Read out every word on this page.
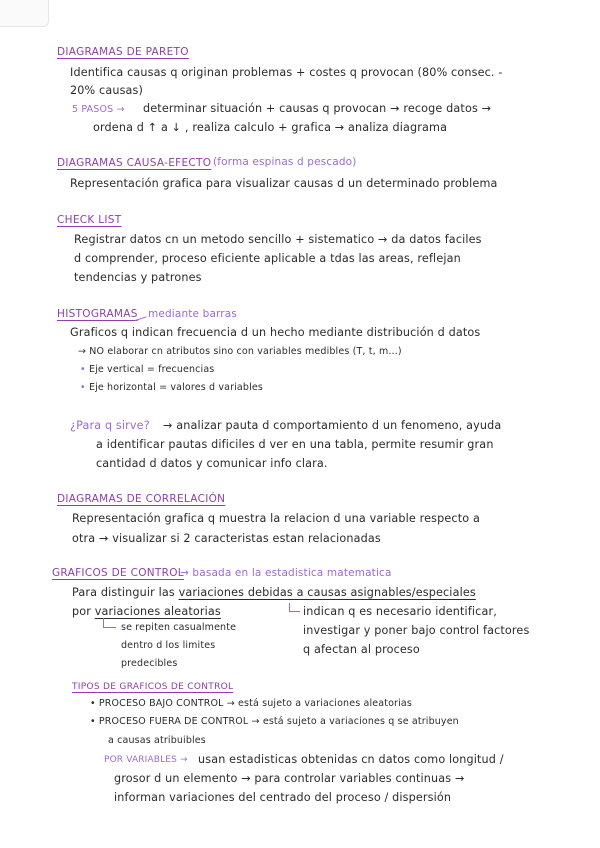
DIAGRAMAS DE PARETO
Identifica causas q originan problemas + costes q provocan (80% consec. -
20% causas)
5 PASOS → determinar situación + causas q provocan → recoge datos →
ordena d ↑ a ↓ , realiza calculo + grafica → analiza diagrama
DIAGRAMAS CAUSA-EFECTO (forma espinas d pescado)
Representación grafica para visualizar causas d un determinado problema
CHECK LIST
Registrar datos cn un metodo sencillo + sistematico → da datos faciles
d comprender, proceso eficiente aplicable a tdas las areas, reflejan
tendencias y patrones
HISTOGRAMAS mediante barras
Graficos q indican frecuencia d un hecho mediante distribución d datos
→ NO elaborar cn atributos sino con variables medibles (T, t, m...)
• Eje vertical = frecuencias
• Eje horizontal = valores d variables
¿Para q sirve? → analizar pauta d comportamiento d un fenomeno, ayuda
a identificar pautas dificiles d ver en una tabla, permite resumir gran
cantidad d datos y comunicar info clara.
DIAGRAMAS DE CORRELACIÓN
Representación grafica q muestra la relacion d una variable respecto a
otra → visualizar si 2 caracteristas estan relacionadas
GRAFICOS DE CONTROL
→ basada en la estadistica matematica
Para distinguir las variaciones debidas a causas asignables/especiales
por variaciones aleatorias
se repiten casualmente
dentro d los limites
predecibles
indican q es necesario identificar,
investigar y poner bajo control factores
q afectan al proceso
TIPOS DE GRAFICOS DE CONTROL
• PROCESO BAJO CONTROL → está sujeto a variaciones aleatorias
• PROCESO FUERA DE CONTROL → está sujeto a variaciones q se atribuyen
a causas atribuibles
POR VARIABLES → usan estadisticas obtenidas cn datos como longitud /
grosor d un elemento → para controlar variables continuas →
informan variaciones del centrado del proceso / dispersión
